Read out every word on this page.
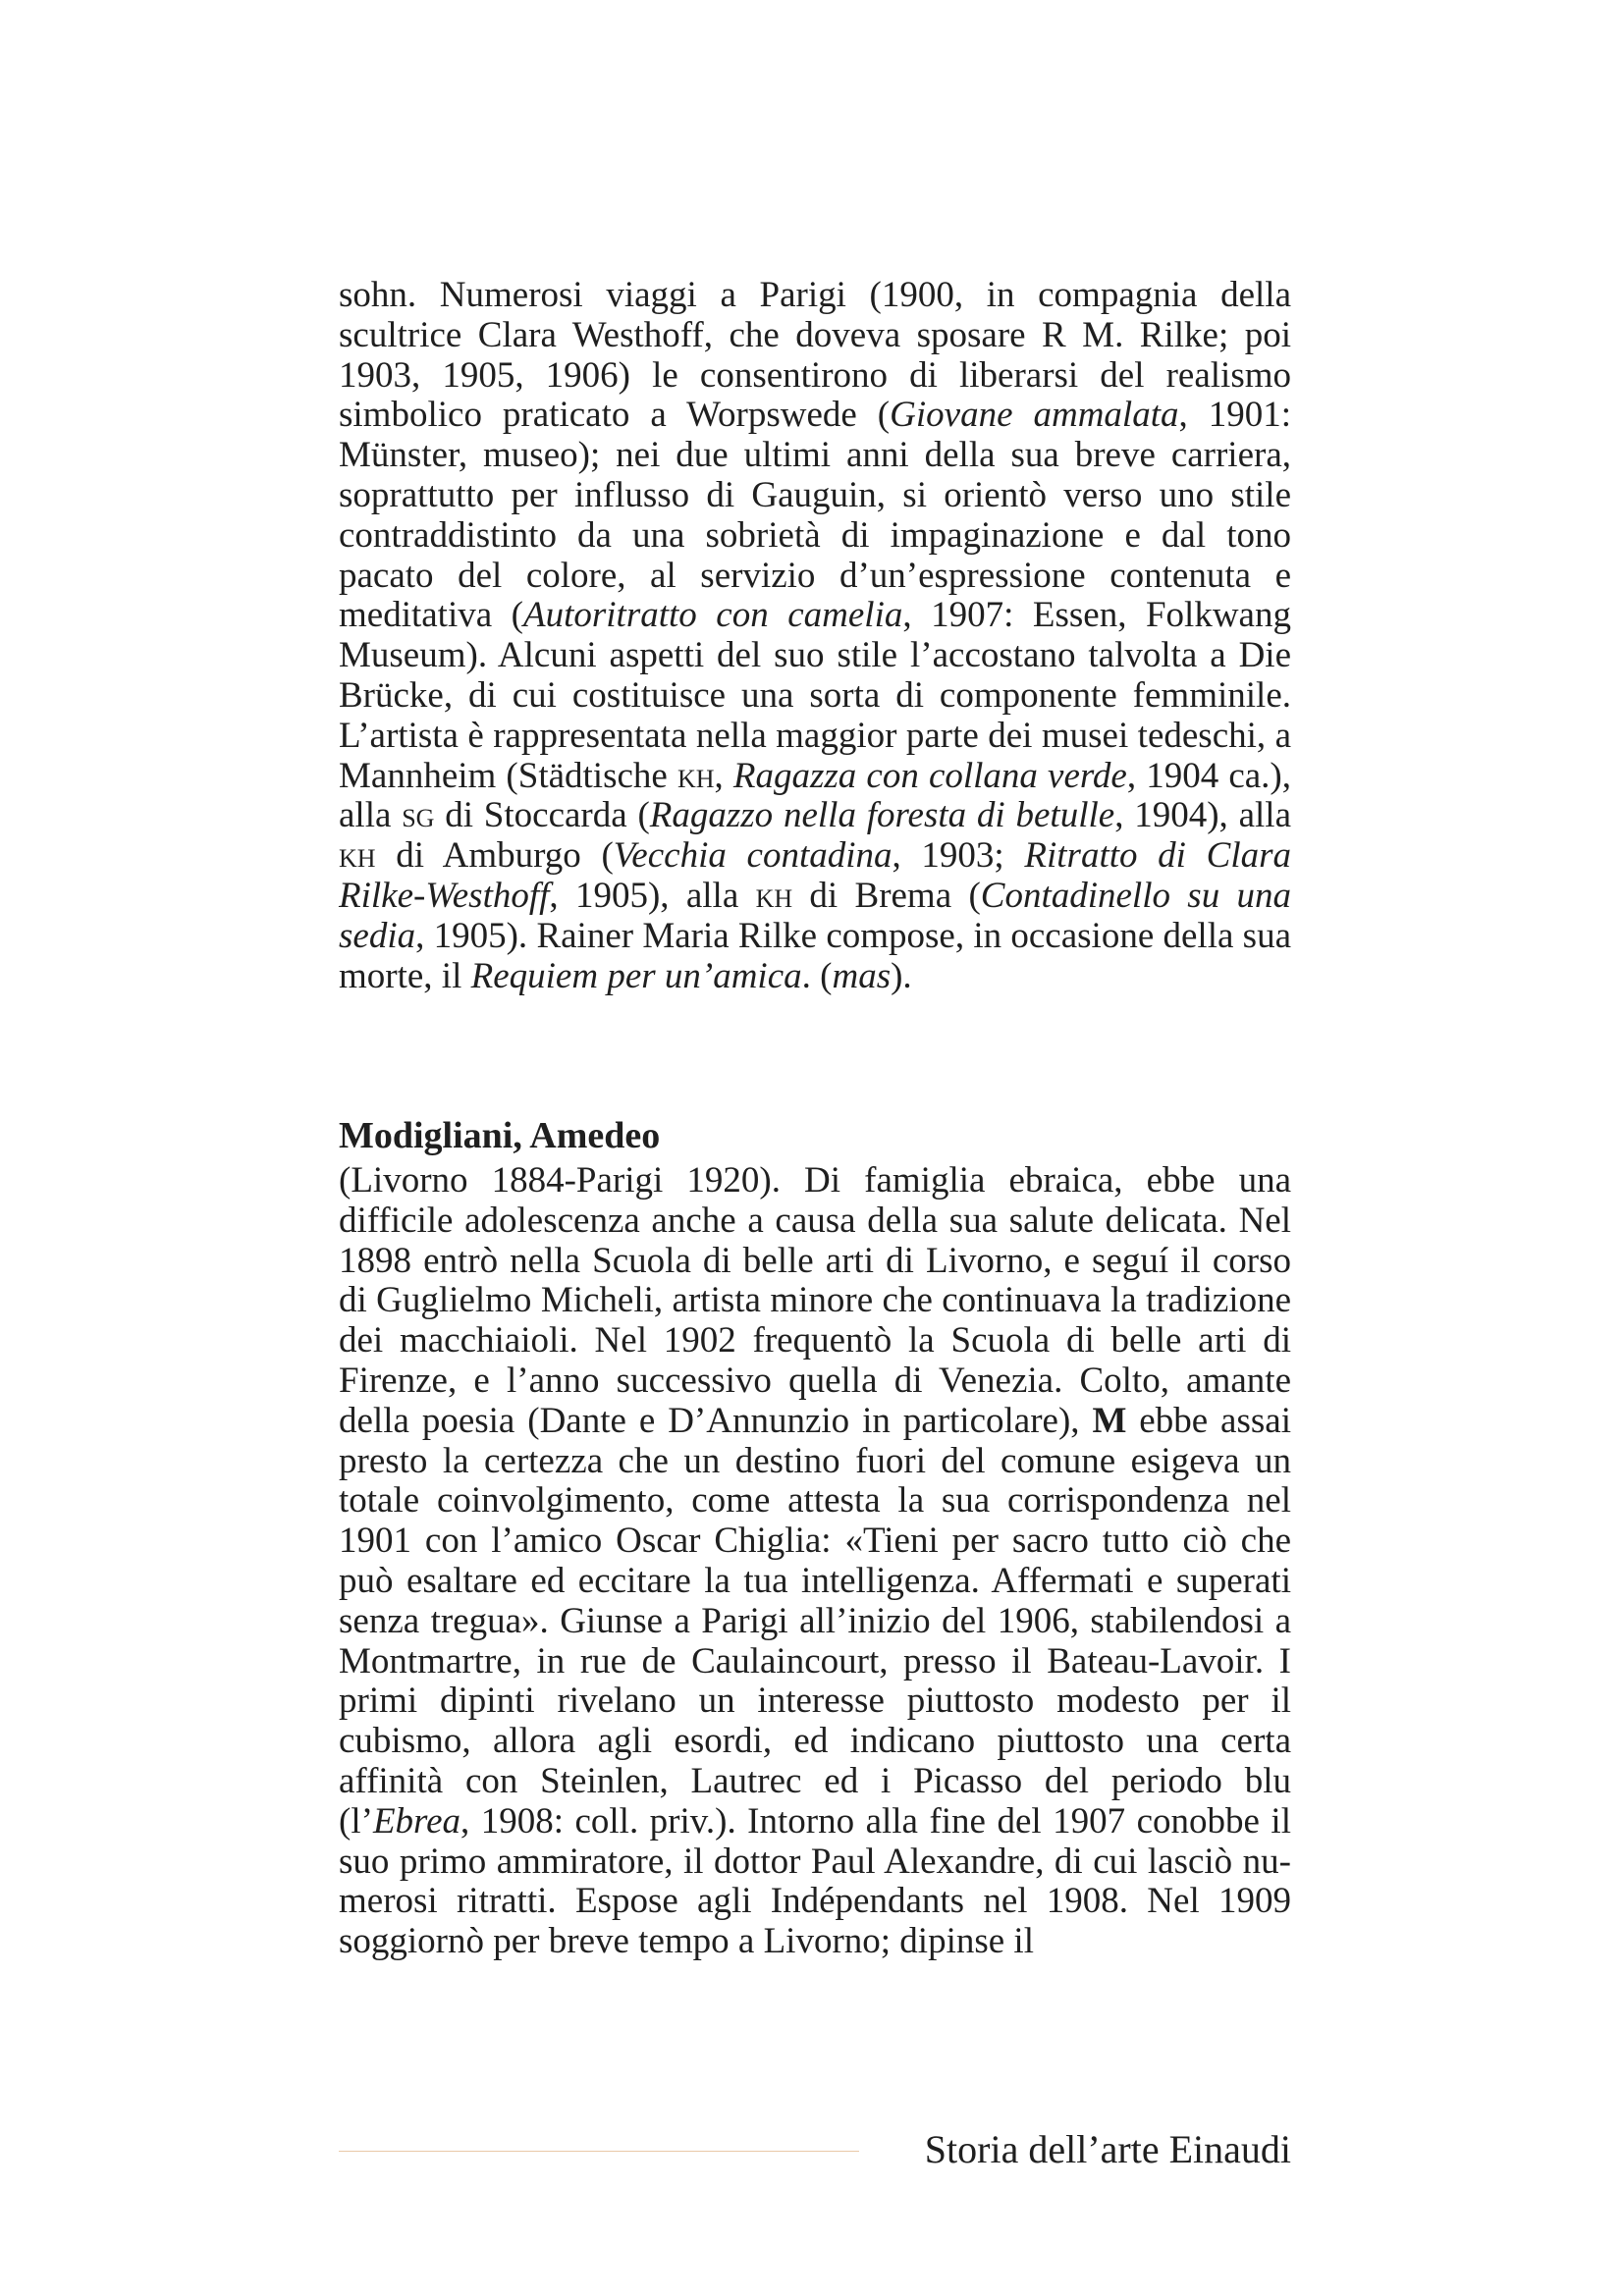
sohn. Numerosi viaggi a Parigi (1900, in compagnia della scultrice Clara Westhoff, che doveva sposare R M. Rilke; poi 1903, 1905, 1906) le consentirono di liberarsi del realismo simbolico praticato a Worpswede (Giovane ammalata, 1901: Münster, museo); nei due ultimi anni della sua breve carriera, soprattutto per influsso di Gauguin, si orientò verso uno stile contraddistinto da una sobrietà di impaginazione e dal tono pacato del colore, al servizio d’un’espressione contenuta e meditativa (Autoritratto con camelia, 1907: Essen, Folkwang Museum). Alcuni aspetti del suo stile l’accostano talvolta a Die Brücke, di cui costituisce una sorta di componente femminile. L’artista è rappresentata nella maggior parte dei musei tedeschi, a Mannheim (Städtische kh, Ragazza con collana verde, 1904 ca.), alla sg di Stoccarda (Ragazzo nella foresta di betulle, 1904), alla kh di Amburgo (Vecchia contadina, 1903; Ritratto di Clara Rilke-Westhoff, 1905), alla kh di Brema (Contadinello su una sedia, 1905). Rainer Maria Rilke compose, in occasione della sua morte, il Requiem per un’amica. (mas).

Modigliani, Amedeo

(Livorno 1884-Parigi 1920). Di famiglia ebraica, ebbe una difficile adolescenza anche a causa della sua salute delicata. Nel 1898 entrò nella Scuola di belle arti di Livorno, e seguí il corso di Guglielmo Micheli, artista minore che continuava la tradizione dei macchiaioli. Nel 1902 frequentò la Scuola di belle arti di Firenze, e l’anno successivo quella di Venezia. Colto, amante della poesia (Dante e D’Annunzio in particolare), M ebbe assai presto la certezza che un destino fuori del comune esigeva un totale coinvolgimento, come attesta la sua corrispondenza nel 1901 con l’amico Oscar Chiglia: «Tieni per sacro tutto ciò che può esaltare ed eccitare la tua intelligenza. Affermati e superati senza tregua». Giunse a Parigi all’inizio del 1906, stabilendosi a Montmartre, in rue de Caulaincourt, presso il Bateau-Lavoir. I primi dipinti rivelano un interesse piuttosto modesto per il cubismo, allora agli esordi, ed indicano piuttosto una certa affinità con Steinlen, Lautrec ed i Picasso del periodo blu (l’Ebrea, 1908: coll. priv.). Intorno alla fine del 1907 conobbe il suo primo ammiratore, il dottor Paul Alexandre, di cui lasciò numerosi ritratti. Espose agli Indépendants nel 1908. Nel 1909 soggiornò per breve tempo a Livorno; dipinse il

Storia dell’arte Einaudi
